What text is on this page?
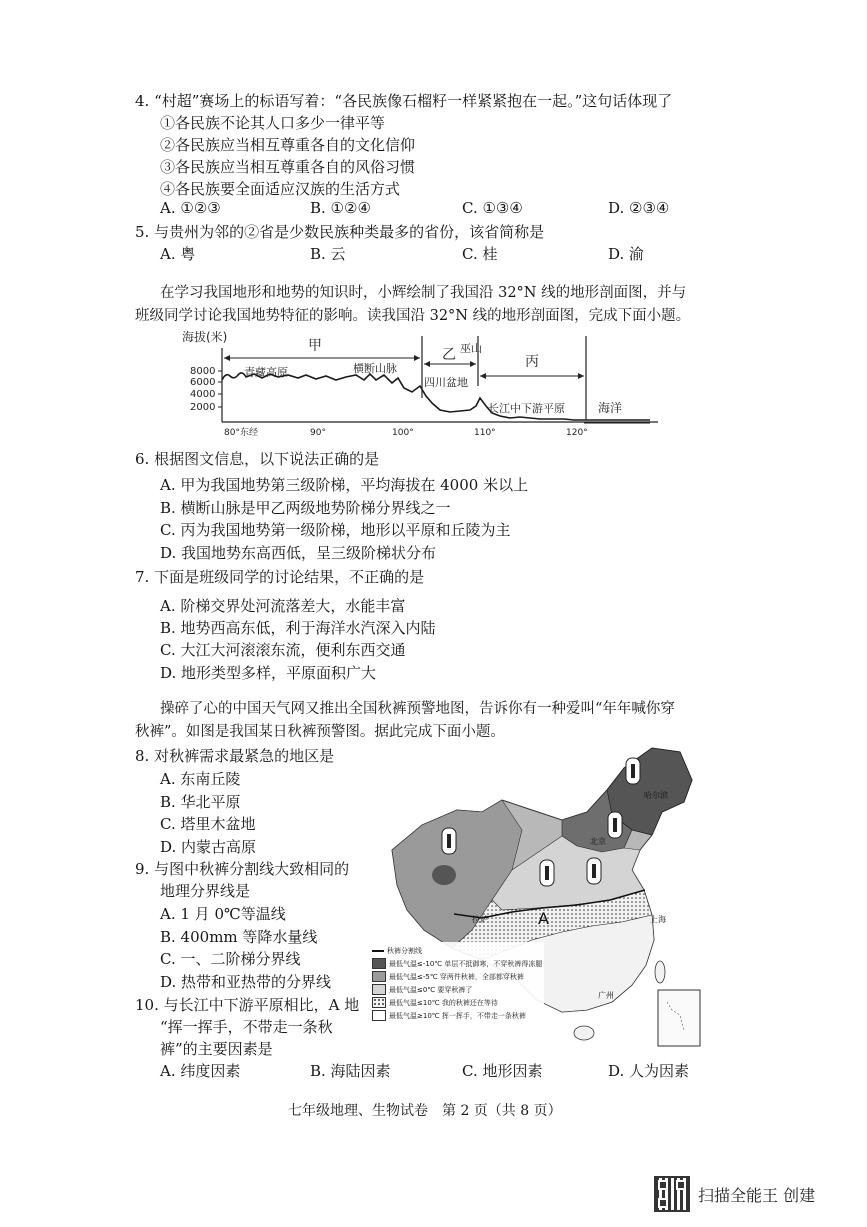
4. “村超”赛场上的标语写着：“各民族像石榴籽一样紧紧抱在一起。”这句话体现了
①各民族不论其人口多少一律平等
②各民族应当相互尊重各自的文化信仰
③各民族应当相互尊重各自的风俗习惯
④各民族要全面适应汉族的生活方式
A. ①②③	B. ①②④	C. ①③④	D. ②③④
5. 与贵州为邻的②省是少数民族种类最多的省份，该省简称是
A. 粤	B. 云	C. 桂	D. 渝
在学习我国地形和地势的知识时，小辉绘制了我国沿 32°N 线的地形剖面图，并与
班级同学讨论我国地势特征的影响。读我国沿 32°N 线的地形剖面图，完成下面小题。
海拔(米)
8000
6000
4000
2000
甲
乙 巫山
丙
青藏高原	横断山脉
四川盆地
长江中下游平原	海洋
80°东经	90°	100°	110°	120°
6. 根据图文信息，以下说法正确的是
A. 甲为我国地势第三级阶梯，平均海拔在 4000 米以上
B. 横断山脉是甲乙两级地势阶梯分界线之一
C. 丙为我国地势第一级阶梯，地形以平原和丘陵为主
D. 我国地势东高西低，呈三级阶梯状分布
7. 下面是班级同学的讨论结果，不正确的是
A. 阶梯交界处河流落差大，水能丰富
B. 地势西高东低，利于海洋水汽深入内陆
C. 大江大河滚滚东流，便利东西交通
D. 地形类型多样，平原面积广大
操碎了心的中国天气网又推出全国秋裤预警地图，告诉你有一种爱叫“年年喊你穿
秋裤”。如图是我国某日秋裤预警图。据此完成下面小题。
8. 对秋裤需求最紧急的地区是
A. 东南丘陵
B. 华北平原
C. 塔里木盆地
D. 内蒙古高原
9. 与图中秋裤分割线大致相同的
地理分界线是
A. 1 月 0℃等温线
B. 400mm 等降水量线
C. 一、二阶梯分界线
D. 热带和亚热带的分界线
10. 与长江中下游平原相比，A 地
“挥一挥手，不带走一条秋
裤”的主要因素是
A. 纬度因素	B. 海陆因素	C. 地形因素	D. 人为因素
哈尔滨
北京
拉萨	上海
广州
A
秋裤分割线
最低气温≤-10℃ 单层不抵御寒，不穿秋裤得冻腿
最低气温≤-5℃ 穿两件秋裤，全部都穿秋裤
最低气温≤0℃ 要穿秋裤了
最低气温≤10℃ 我的秋裤还在等待
最低气温≥10℃ 挥一挥手，不带走一条秋裤
七年级地理、生物试卷　第 2 页（共 8 页）
扫描全能王 创建
